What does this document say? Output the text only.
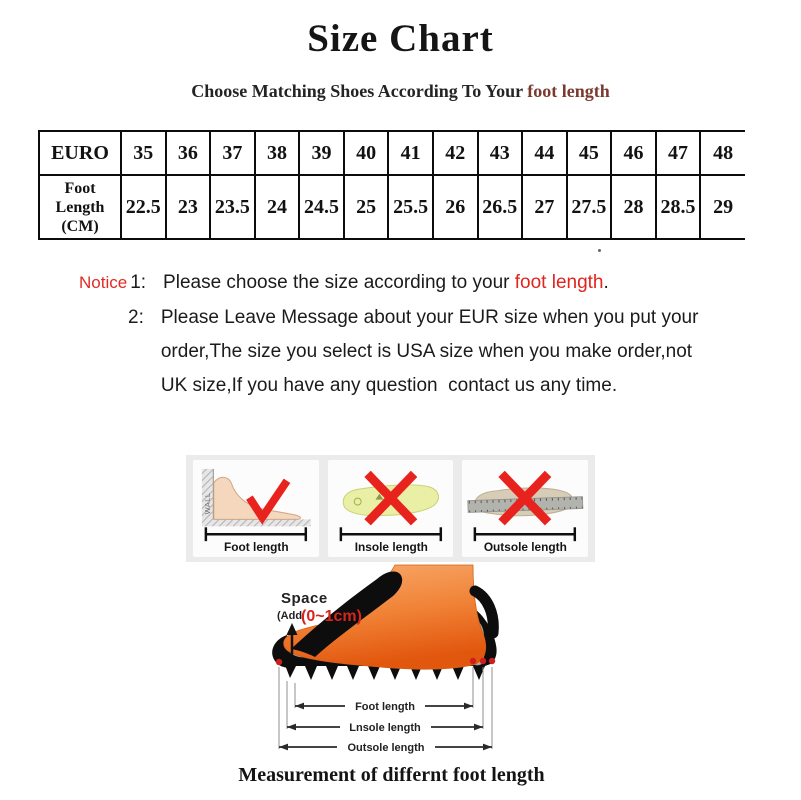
Size Chart
Choose Matching Shoes According To Your foot length
EURO	35	36	37	38	39	40	41	42	43	44	45	46	47	48
Foot Length (CM)	22.5	23	23.5	24	24.5	25	25.5	26	26.5	27	27.5	28	28.5	29
Notice 1: Please choose the size according to your foot length.
2: Please Leave Message about your EUR size when you put your
order,The size you select is USA size when you make order,not
UK size,If you have any question  contact us any time.
WALL
Foot length	Insole length	Outsole length
Space
(Add
(0~1cm)
Foot length
Lnsole length
Outsole length
Measurement of differnt foot length
